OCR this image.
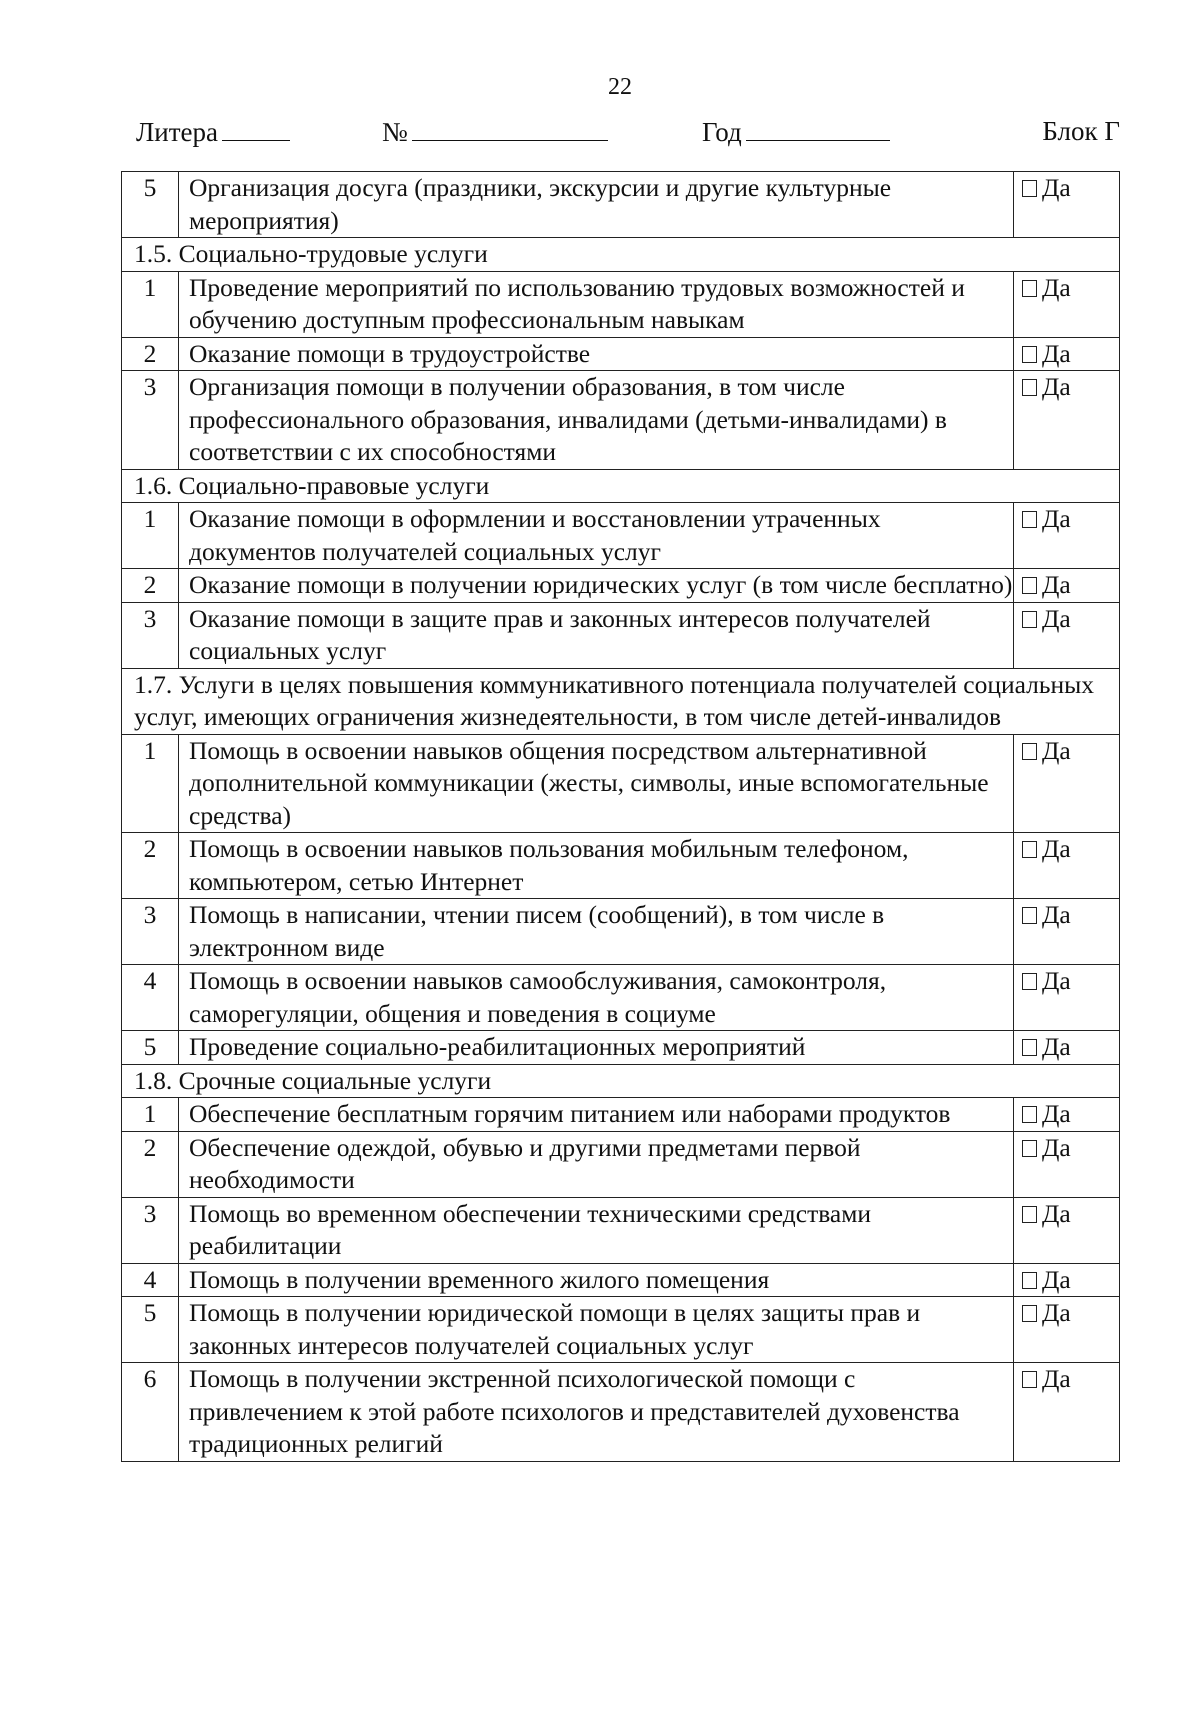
22
Литера	№	Год	Блок Г
5	Организация досуга (праздники, экскурсии и другие культурные мероприятия)	Да
1.5. Социально-трудовые услуги		
1	Проведение мероприятий по использованию трудовых возможностей и обучению доступным профессиональным навыкам	Да
2	Оказание помощи в трудоустройстве	Да
3	Организация помощи в получении образования, в том числе профессионального образования, инвалидами (детьми-инвалидами) в соответствии с их способностями	Да
1.6. Социально-правовые услуги		
1	Оказание помощи в оформлении и восстановлении утраченных документов получателей социальных услуг	Да
2	Оказание помощи в получении юридических услуг (в том числе бесплатно)	Да
3	Оказание помощи в защите прав и законных интересов получателей социальных услуг	Да
1.7. Услуги в целях повышения коммуникативного потенциала получателей социальных услуг, имеющих ограничения жизнедеятельности, в том числе детей-инвалидов		
1	Помощь в освоении навыков общения посредством альтернативной дополнительной коммуникации (жесты, символы, иные вспомогательные средства)	Да
2	Помощь в освоении навыков пользования мобильным телефоном, компьютером, сетью Интернет	Да
3	Помощь в написании, чтении писем (сообщений), в том числе в электронном виде	Да
4	Помощь в освоении навыков самообслуживания, самоконтроля, саморегуляции, общения и поведения в социуме	Да
5	Проведение социально-реабилитационных мероприятий	Да
1.8. Срочные социальные услуги		
1	Обеспечение бесплатным горячим питанием или наборами продуктов	Да
2	Обеспечение одеждой, обувью и другими предметами первой необходимости	Да
3	Помощь во временном обеспечении техническими средствами реабилитации	Да
4	Помощь в получении временного жилого помещения	Да
5	Помощь в получении юридической помощи в целях защиты прав и законных интересов получателей социальных услуг	Да
6	Помощь в получении экстренной психологической помощи с привлечением к этой работе психологов и представителей духовенства традиционных религий	Да
